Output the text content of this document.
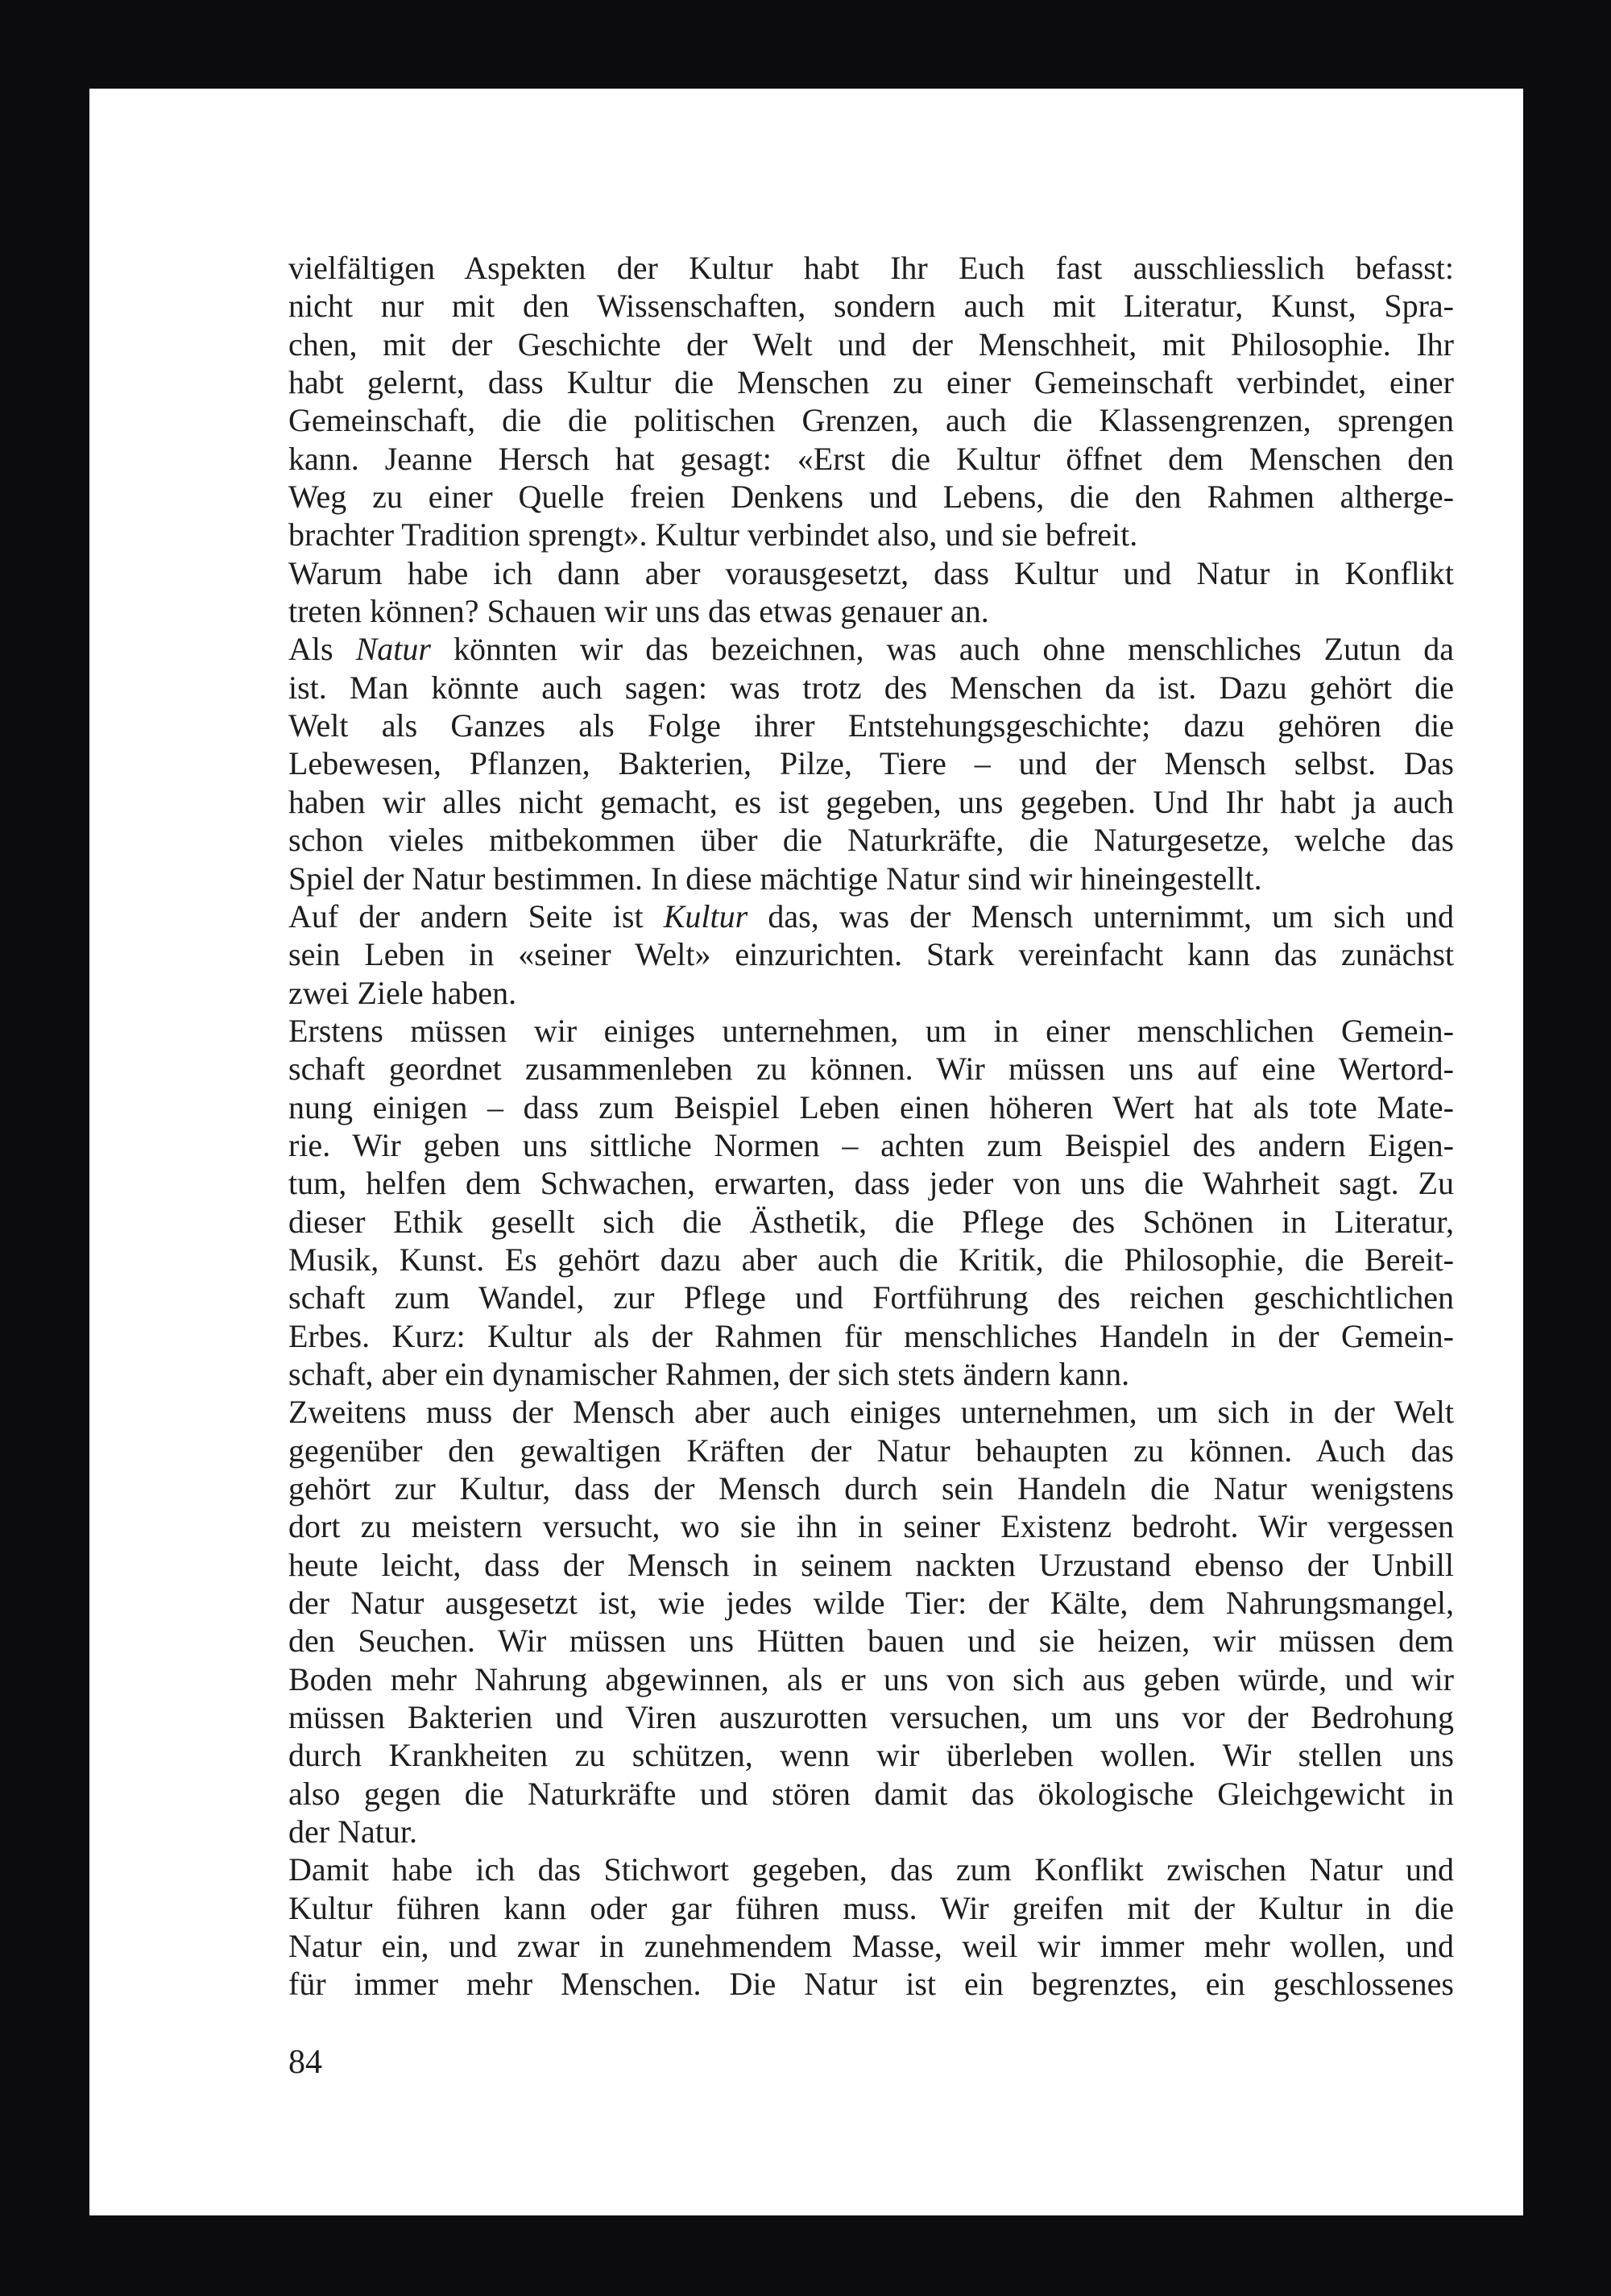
vielfältigen Aspekten der Kultur habt Ihr Euch fast ausschliesslich befasst:
nicht nur mit den Wissenschaften, sondern auch mit Literatur, Kunst, Spra-
chen, mit der Geschichte der Welt und der Menschheit, mit Philosophie. Ihr
habt gelernt, dass Kultur die Menschen zu einer Gemeinschaft verbindet, einer
Gemeinschaft, die die politischen Grenzen, auch die Klassengrenzen, sprengen
kann. Jeanne Hersch hat gesagt: «Erst die Kultur öffnet dem Menschen den
Weg zu einer Quelle freien Denkens und Lebens, die den Rahmen altherge-
brachter Tradition sprengt». Kultur verbindet also, und sie befreit.
Warum habe ich dann aber vorausgesetzt, dass Kultur und Natur in Konflikt
treten können? Schauen wir uns das etwas genauer an.
Als Natur könnten wir das bezeichnen, was auch ohne menschliches Zutun da
ist. Man könnte auch sagen: was trotz des Menschen da ist. Dazu gehört die
Welt als Ganzes als Folge ihrer Entstehungsgeschichte; dazu gehören die
Lebewesen, Pflanzen, Bakterien, Pilze, Tiere – und der Mensch selbst. Das
haben wir alles nicht gemacht, es ist gegeben, uns gegeben. Und Ihr habt ja auch
schon vieles mitbekommen über die Naturkräfte, die Naturgesetze, welche das
Spiel der Natur bestimmen. In diese mächtige Natur sind wir hineingestellt.
Auf der andern Seite ist Kultur das, was der Mensch unternimmt, um sich und
sein Leben in «seiner Welt» einzurichten. Stark vereinfacht kann das zunächst
zwei Ziele haben.
Erstens müssen wir einiges unternehmen, um in einer menschlichen Gemein-
schaft geordnet zusammenleben zu können. Wir müssen uns auf eine Wertord-
nung einigen – dass zum Beispiel Leben einen höheren Wert hat als tote Mate-
rie. Wir geben uns sittliche Normen – achten zum Beispiel des andern Eigen-
tum, helfen dem Schwachen, erwarten, dass jeder von uns die Wahrheit sagt. Zu
dieser Ethik gesellt sich die Ästhetik, die Pflege des Schönen in Literatur,
Musik, Kunst. Es gehört dazu aber auch die Kritik, die Philosophie, die Bereit-
schaft zum Wandel, zur Pflege und Fortführung des reichen geschichtlichen
Erbes. Kurz: Kultur als der Rahmen für menschliches Handeln in der Gemein-
schaft, aber ein dynamischer Rahmen, der sich stets ändern kann.
Zweitens muss der Mensch aber auch einiges unternehmen, um sich in der Welt
gegenüber den gewaltigen Kräften der Natur behaupten zu können. Auch das
gehört zur Kultur, dass der Mensch durch sein Handeln die Natur wenigstens
dort zu meistern versucht, wo sie ihn in seiner Existenz bedroht. Wir vergessen
heute leicht, dass der Mensch in seinem nackten Urzustand ebenso der Unbill
der Natur ausgesetzt ist, wie jedes wilde Tier: der Kälte, dem Nahrungsmangel,
den Seuchen. Wir müssen uns Hütten bauen und sie heizen, wir müssen dem
Boden mehr Nahrung abgewinnen, als er uns von sich aus geben würde, und wir
müssen Bakterien und Viren auszurotten versuchen, um uns vor der Bedrohung
durch Krankheiten zu schützen, wenn wir überleben wollen. Wir stellen uns
also gegen die Naturkräfte und stören damit das ökologische Gleichgewicht in
der Natur.
Damit habe ich das Stichwort gegeben, das zum Konflikt zwischen Natur und
Kultur führen kann oder gar führen muss. Wir greifen mit der Kultur in die
Natur ein, und zwar in zunehmendem Masse, weil wir immer mehr wollen, und
für immer mehr Menschen. Die Natur ist ein begrenztes, ein geschlossenes
84
